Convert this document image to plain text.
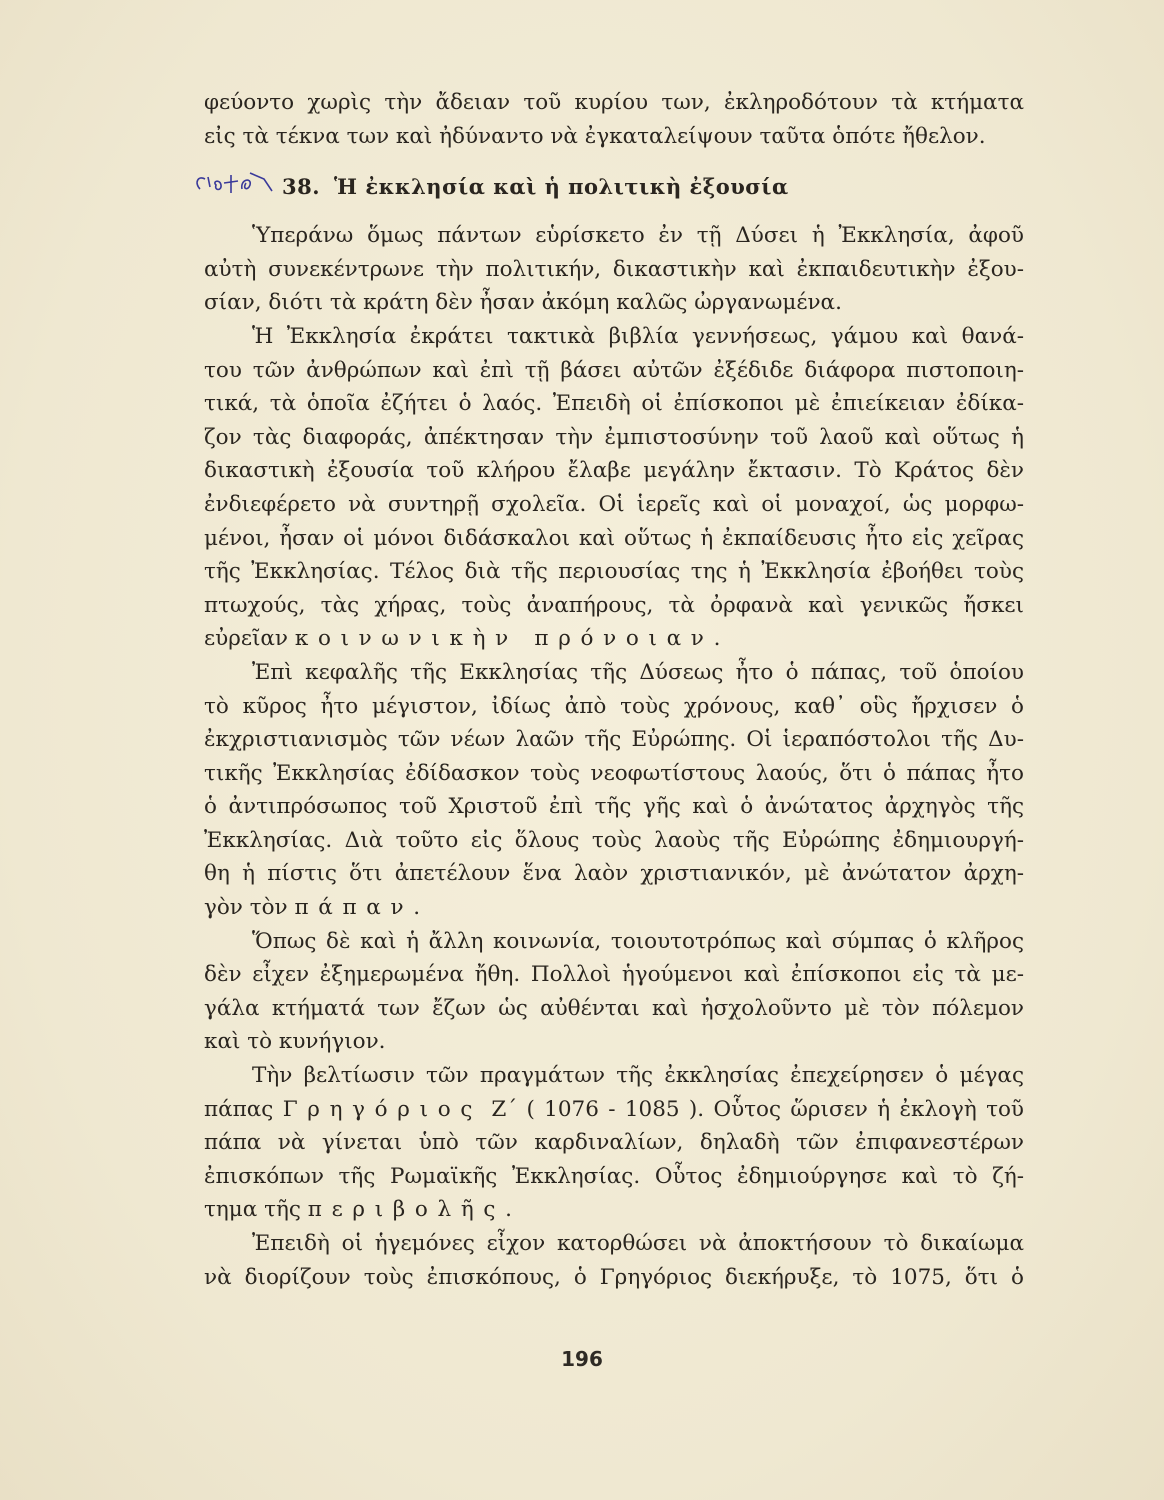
φεύοντο χωρὶς τὴν ἄδειαν τοῦ κυρίου των, ἐκληροδότουν τὰ κτήματα
εἰς τὰ τέκνα των καὶ ἠδύναντο νὰ ἐγκαταλείψουν ταῦτα ὁπότε ἤθελον.
38. Ἡ ἐκκλησία καὶ ἡ πολιτικὴ ἐξουσία
Ὑπεράνω ὅμως πάντων εὑρίσκετο ἐν τῇ Δύσει ἡ Ἐκκλησία, ἀφοῦ
αὐτὴ συνεκέντρωνε τὴν πολιτικήν, δικαστικὴν καὶ ἐκπαιδευτικὴν ἐξου-
σίαν, διότι τὰ κράτη δὲν ἦσαν ἀκόμη καλῶς ὠργανωμένα.
Ἡ Ἐκκλησία ἐκράτει τακτικὰ βιβλία γεννήσεως, γάμου καὶ θανά-
του τῶν ἀνθρώπων καὶ ἐπὶ τῇ βάσει αὐτῶν ἐξέδιδε διάφορα πιστοποιη-
τικά, τὰ ὁποῖα ἐζήτει ὁ λαός. Ἐπειδὴ οἱ ἐπίσκοποι μὲ ἐπιείκειαν ἐδίκα-
ζον τὰς διαφοράς, ἀπέκτησαν τὴν ἐμπιστοσύνην τοῦ λαοῦ καὶ οὕτως ἡ
δικαστικὴ ἐξουσία τοῦ κλήρου ἔλαβε μεγάλην ἔκτασιν. Τὸ Κράτος δὲν
ἐνδιεφέρετο νὰ συντηρῇ σχολεῖα. Οἱ ἱερεῖς καὶ οἱ μοναχοί, ὡς μορφω-
μένοι, ἦσαν οἱ μόνοι διδάσκαλοι καὶ οὕτως ἡ ἐκπαίδευσις ἦτο εἰς χεῖρας
τῆς Ἐκκλησίας. Τέλος διὰ τῆς περιουσίας της ἡ Ἐκκλησία ἐβοήθει τοὺς
πτωχούς, τὰς χήρας, τοὺς ἀναπήρους, τὰ ὀρφανὰ καὶ γενικῶς ἤσκει
εὐρεῖαν κοινωνικὴν πρόνοιαν.
Ἐπὶ κεφαλῆς τῆς Εκκλησίας τῆς Δύσεως ἦτο ὁ πάπας, τοῦ ὁποίου
τὸ κῦρος ἦτο μέγιστον, ἰδίως ἀπὸ τοὺς χρόνους, καθ᾽ οὓς ἤρχισεν ὁ
ἐκχριστιανισμὸς τῶν νέων λαῶν τῆς Εὐρώπης. Οἱ ἱεραπόστολοι τῆς Δυ-
τικῆς Ἐκκλησίας ἐδίδασκον τοὺς νεοφωτίστους λαούς, ὅτι ὁ πάπας ἦτο
ὁ ἀντιπρόσωπος τοῦ Χριστοῦ ἐπὶ τῆς γῆς καὶ ὁ ἀνώτατος ἀρχηγὸς τῆς
Ἐκκλησίας. Διὰ τοῦτο εἰς ὅλους τοὺς λαοὺς τῆς Εὐρώπης ἐδημιουργή-
θη ἡ πίστις ὅτι ἀπετέλουν ἕνα λαὸν χριστιανικόν, μὲ ἀνώτατον ἀρχη-
γὸν τὸν πάπαν.
Ὅπως δὲ καὶ ἡ ἄλλη κοινωνία, τοιουτοτρόπως καὶ σύμπας ὁ κλῆρος
δὲν εἶχεν ἐξημερωμένα ἤθη. Πολλοὶ ἡγούμενοι καὶ ἐπίσκοποι εἰς τὰ με-
γάλα κτήματά των ἔζων ὡς αὐθένται καὶ ἠσχολοῦντο μὲ τὸν πόλεμον
καὶ τὸ κυνήγιον.
Τὴν βελτίωσιν τῶν πραγμάτων τῆς ἐκκλησίας ἐπεχείρησεν ὁ μέγας
πάπας Γρηγόριος Ζ΄ ( 1076 - 1085 ). Οὗτος ὥρισεν ἡ ἐκλογὴ τοῦ
πάπα νὰ γίνεται ὑπὸ τῶν καρδιναλίων, δηλαδὴ τῶν ἐπιφανεστέρων
ἐπισκόπων τῆς Ρωμαϊκῆς Ἐκκλησίας. Οὗτος ἐδημιούργησε καὶ τὸ ζή-
τημα τῆς περιβολῆς.
Ἐπειδὴ οἱ ἡγεμόνες εἶχον κατορθώσει νὰ ἀποκτήσουν τὸ δικαίωμα
νὰ διορίζουν τοὺς ἐπισκόπους, ὁ Γρηγόριος διεκήρυξε, τὸ 1075, ὅτι ὁ
196
